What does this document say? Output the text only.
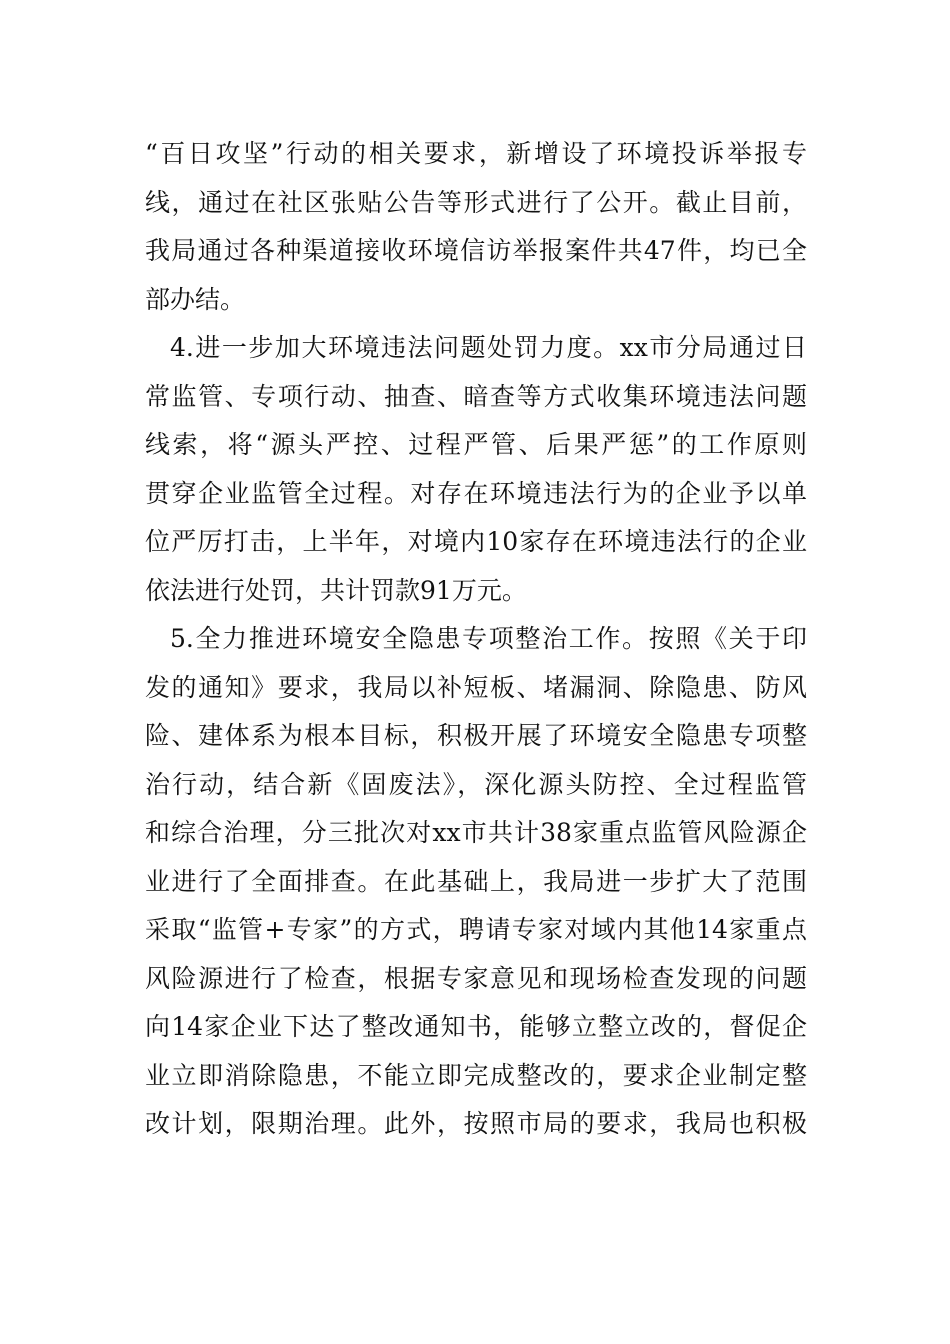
“百日攻坚”行动的相关要求，新增设了环境投诉举报专
线，通过在社区张贴公告等形式进行了公开。截止目前，
我局通过各种渠道接收环境信访举报案件共47件，均已全
部办结。
4.进一步加大环境违法问题处罚力度。xx市分局通过日
常监管、专项行动、抽查、暗查等方式收集环境违法问题
线索，将“源头严控、过程严管、后果严惩”的工作原则
贯穿企业监管全过程。对存在环境违法行为的企业予以单
位严厉打击，上半年，对境内10家存在环境违法行的企业
依法进行处罚，共计罚款91万元。
5.全力推进环境安全隐患专项整治工作。按照《关于印
发的通知》要求，我局以补短板、堵漏洞、除隐患、防风
险、建体系为根本目标，积极开展了环境安全隐患专项整
治行动，结合新《固废法》，深化源头防控、全过程监管
和综合治理，分三批次对xx市共计38家重点监管风险源企
业进行了全面排查。在此基础上，我局进一步扩大了范围
采取“监管+专家”的方式，聘请专家对域内其他14家重点
风险源进行了检查，根据专家意见和现场检查发现的问题
向14家企业下达了整改通知书，能够立整立改的，督促企
业立即消除隐患，不能立即完成整改的，要求企业制定整
改计划，限期治理。此外，按照市局的要求，我局也积极
